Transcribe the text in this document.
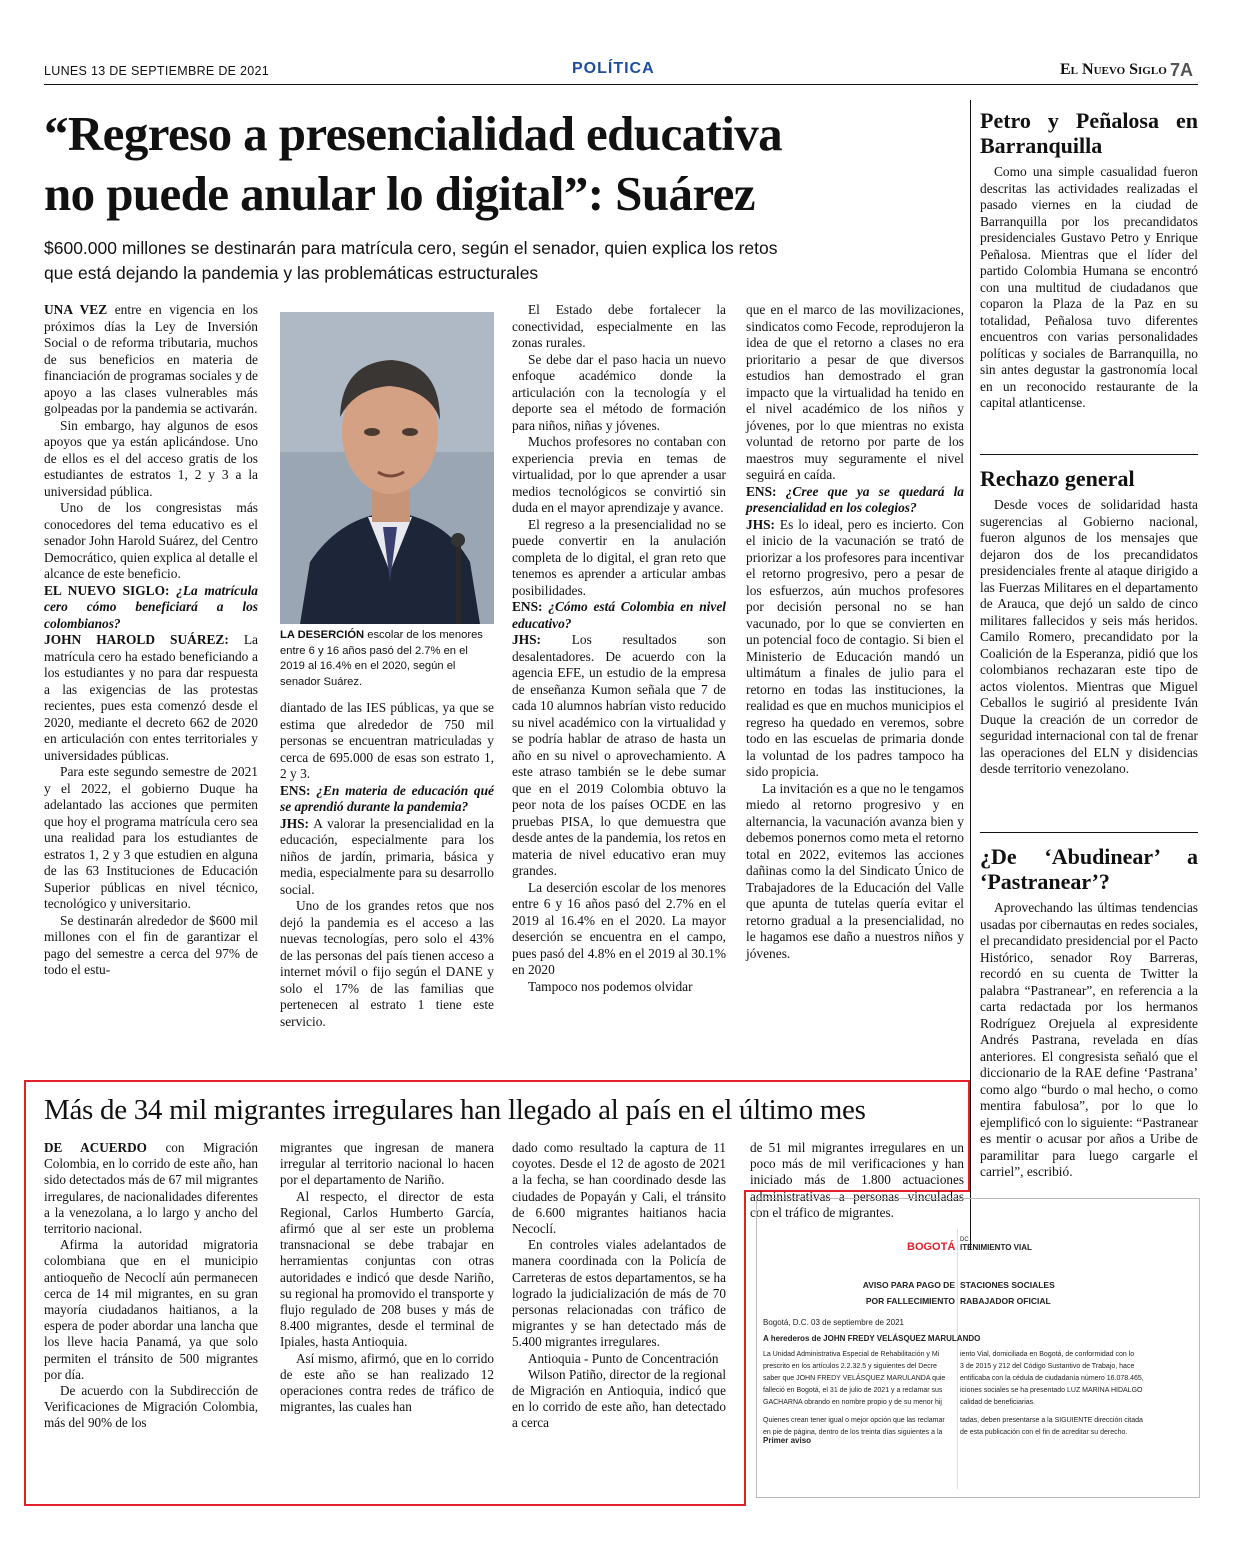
LUNES 13 DE SEPTIEMBRE DE 2021	POLÍTICA	El Nuevo Siglo 7A
“Regreso a presencialidad educativa
no puede anular lo digital”: Suárez
$600.000 millones se destinarán para matrícula cero, según el senador, quien explica los retos
que está dejando la pandemia y las problemáticas estructurales

UNA VEZ entre en vigencia en los próximos días la Ley de Inversión Social o de reforma tributaria, muchos de sus beneficios en materia de financiación de programas sociales y de apoyo a las clases vulnerables más golpeadas por la pandemia se activarán.

Sin embargo, hay algunos de esos apoyos que ya están aplicándose. Uno de ellos es el del acceso gratis de los estudiantes de estratos 1, 2 y 3 a la universidad pública.

Uno de los congresistas más conocedores del tema educativo es el senador John Harold Suárez, del Centro Democrático, quien explica al detalle el alcance de este beneficio.

EL NUEVO SIGLO: ¿La matrícula cero cómo beneficiará a los colombianos?

JOHN HAROLD SUÁREZ: La matrícula cero ha estado beneficiando a los estudiantes y no para dar respuesta a las exigencias de las protestas recientes, pues esta comenzó desde el 2020, mediante el decreto 662 de 2020 en articulación con entes territoriales y universidades públicas.

Para este segundo semestre de 2021 y el 2022, el gobierno Duque ha adelantado las acciones que permiten que hoy el programa matrícula cero sea una realidad para los estudiantes de estratos 1, 2 y 3 que estudien en alguna de las 63 Instituciones de Educación Superior públicas en nivel técnico, tecnológico y universitario.

Se destinarán alrededor de $600 mil millones con el fin de garantizar el pago del semestre a cerca del 97% de todo el estu-

LA DESERCIÓN escolar de los menores entre 6 y 16 años pasó del 2.7% en el 2019 al 16.4% en el 2020, según el senador Suárez.

diantado de las IES públicas, ya que se estima que alrededor de 750 mil personas se encuentran matriculadas y cerca de 695.000 de esas son estrato 1, 2 y 3.

ENS: ¿En materia de educación qué se aprendió durante la pandemia?

JHS: A valorar la presencialidad en la educación, especialmente para los niños de jardín, primaria, básica y media, especialmente para su desarrollo social.

Uno de los grandes retos que nos dejó la pandemia es el acceso a las nuevas tecnologías, pero solo el 43% de las personas del país tienen acceso a internet móvil o fijo según el DANE y solo el 17% de las familias que pertenecen al estrato 1 tiene este servicio.

El Estado debe fortalecer la conectividad, especialmente en las zonas rurales.

Se debe dar el paso hacia un nuevo enfoque académico donde la articulación con la tecnología y el deporte sea el método de formación para niños, niñas y jóvenes.

Muchos profesores no contaban con experiencia previa en temas de virtualidad, por lo que aprender a usar medios tecnológicos se convirtió sin duda en el mayor aprendizaje y avance.

El regreso a la presencialidad no se puede convertir en la anulación completa de lo digital, el gran reto que tenemos es aprender a articular ambas posibilidades.

ENS: ¿Cómo está Colombia en nivel educativo?

JHS: Los resultados son desalentadores. De acuerdo con la agencia EFE, un estudio de la empresa de enseñanza Kumon señala que 7 de cada 10 alumnos habrían visto reducido su nivel académico con la virtualidad y se podría hablar de atraso de hasta un año en su nivel o aprovechamiento. A este atraso también se le debe sumar que en el 2019 Colombia obtuvo la peor nota de los países OCDE en las pruebas PISA, lo que demuestra que desde antes de la pandemia, los retos en materia de nivel educativo eran muy grandes.

La deserción escolar de los menores entre 6 y 16 años pasó del 2.7% en el 2019 al 16.4% en el 2020. La mayor deserción se encuentra en el campo, pues pasó del 4.8% en el 2019 al 30.1% en 2020

Tampoco nos podemos olvidar

que en el marco de las movilizaciones, sindicatos como Fecode, reprodujeron la idea de que el retorno a clases no era prioritario a pesar de que diversos estudios han demostrado el gran impacto que la virtualidad ha tenido en el nivel académico de los niños y jóvenes, por lo que mientras no exista voluntad de retorno por parte de los maestros muy seguramente el nivel seguirá en caída.

ENS: ¿Cree que ya se quedará la presencialidad en los colegios?

JHS: Es lo ideal, pero es incierto. Con el inicio de la vacunación se trató de priorizar a los profesores para incentivar el retorno progresivo, pero a pesar de los esfuerzos, aún muchos profesores por decisión personal no se han vacunado, por lo que se convierten en un potencial foco de contagio. Si bien el Ministerio de Educación mandó un ultimátum a finales de julio para el retorno en todas las instituciones, la realidad es que en muchos municipios el regreso ha quedado en veremos, sobre todo en las escuelas de primaria donde la voluntad de los padres tampoco ha sido propicia.

La invitación es a que no le tengamos miedo al retorno progresivo y en alternancia, la vacunación avanza bien y debemos ponernos como meta el retorno total en 2022, evitemos las acciones dañinas como la del Sindicato Único de Trabajadores de la Educación del Valle que apunta de tutelas quería evitar el retorno gradual a la presencialidad, no le hagamos ese daño a nuestros niños y jóvenes.

Petro y Peñalosa en Barranquilla

Como una simple casualidad fueron descritas las actividades realizadas el pasado viernes en la ciudad de Barranquilla por los precandidatos presidenciales Gustavo Petro y Enrique Peñalosa. Mientras que el líder del partido Colombia Humana se encontró con una multitud de ciudadanos que coparon la Plaza de la Paz en su totalidad, Peñalosa tuvo diferentes encuentros con varias personalidades políticas y sociales de Barranquilla, no sin antes degustar la gastronomía local en un reconocido restaurante de la capital atlanticense.

Rechazo general

Desde voces de solidaridad hasta sugerencias al Gobierno nacional, fueron algunos de los mensajes que dejaron dos de los precandidatos presidenciales frente al ataque dirigido a las Fuerzas Militares en el departamento de Arauca, que dejó un saldo de cinco militares fallecidos y seis más heridos. Camilo Romero, precandidato por la Coalición de la Esperanza, pidió que los colombianos rechazaran este tipo de actos violentos. Mientras que Miguel Ceballos le sugirió al presidente Iván Duque la creación de un corredor de seguridad internacional con tal de frenar las operaciones del ELN y disidencias desde territorio venezolano.

¿De ‘Abudinear’ a ‘Pastranear’?

Aprovechando las últimas tendencias usadas por cibernautas en redes sociales, el precandidato presidencial por el Pacto Histórico, senador Roy Barreras, recordó en su cuenta de Twitter la palabra “Pastranear”, en referencia a la carta redactada por los hermanos Rodríguez Orejuela al expresidente Andrés Pastrana, revelada en días anteriores. El congresista señaló que el diccionario de la RAE define ‘Pastrana’ como algo “burdo o mal hecho, o como mentira fabulosa”, por lo que lo ejemplificó con lo siguiente: “Pastranear es mentir o acusar por años a Uribe de paramilitar para luego cargarle el carriel”, escribió.

Más de 34 mil migrantes irregulares han llegado al país en el último mes

DE ACUERDO con Migración Colombia, en lo corrido de este año, han sido detectados más de 67 mil migrantes irregulares, de nacionalidades diferentes a la venezolana, a lo largo y ancho del territorio nacional.

Afirma la autoridad migratoria colombiana que en el municipio antioqueño de Necoclí aún permanecen cerca de 14 mil migrantes, en su gran mayoría ciudadanos haitianos, a la espera de poder abordar una lancha que los lleve hacia Panamá, ya que solo permiten el tránsito de 500 migrantes por día.

De acuerdo con la Subdirección de Verificaciones de Migración Colombia, más del 90% de los

migrantes que ingresan de manera irregular al territorio nacional lo hacen por el departamento de Nariño.

Al respecto, el director de esta Regional, Carlos Humberto García, afirmó que al ser este un problema transnacional se debe trabajar en herramientas conjuntas con otras autoridades e indicó que desde Nariño, su regional ha promovido el transporte y flujo regulado de 208 buses y más de 8.400 migrantes, desde el terminal de Ipiales, hasta Antioquia.

Así mismo, afirmó, que en lo corrido de este año se han realizado 12 operaciones contra redes de tráfico de migrantes, las cuales han

dado como resultado la captura de 11 coyotes. Desde el 12 de agosto de 2021 a la fecha, se han coordinado desde las ciudades de Popayán y Cali, el tránsito de 6.600 migrantes haitianos hacia Necoclí.

En controles viales adelantados de manera coordinada con la Policía de Carreteras de estos departamentos, se ha logrado la judicialización de más de 70 personas relacionadas con tráfico de migrantes y se han detectado más de 5.400 migrantes irregulares.

Antioquia - Punto de Concentración

Wilson Patiño, director de la regional de Migración en Antioquia, indicó que en lo corrido de este año, han detectado a cerca

de 51 mil migrantes irregulares en un poco más de mil verificaciones y han iniciado más de 1.800 actuaciones administrativas a personas vinculadas con el tráfico de migrantes.

BOGOTÁ
DC
ITENIMIENTO VIAL
AVISO PARA PAGO DE
POR FALLECIMIENTO
STACIONES SOCIALES
RABAJADOR OFICIAL
Bogotá, D.C. 03 de septiembre de 2021
A herederos de JOHN FREDY VELÁSQUEZ MARULANDO
La Unidad Administrativa Especial de Rehabilitación y Mi
prescrito en los artículos 2.2.32.5 y siguientes del Decre
saber que JOHN FREDY VELÁSQUEZ MARULANDA quie
falleció en Bogotá, el 31 de julio de 2021 y a reclamar sus
GACHARNA obrando en nombre propio y de su menor hij
Quienes crean tener igual o mejor opción que las reclamar
en pie de página, dentro de los treinta días siguientes a la
iento Vial, domiciliada en Bogotá, de conformidad con lo
3 de 2015 y 212 del Código Sustantivo de Trabajo, hace
entificaba con la cédula de ciudadanía número 16.078.465,
iciones sociales se ha presentado LUZ MARINA HIDALGO
calidad de beneficiarias.
tadas, deben presentarse a la SIGUIENTE dirección citada
de esta publicación con el fin de acreditar su derecho.
Primer aviso
